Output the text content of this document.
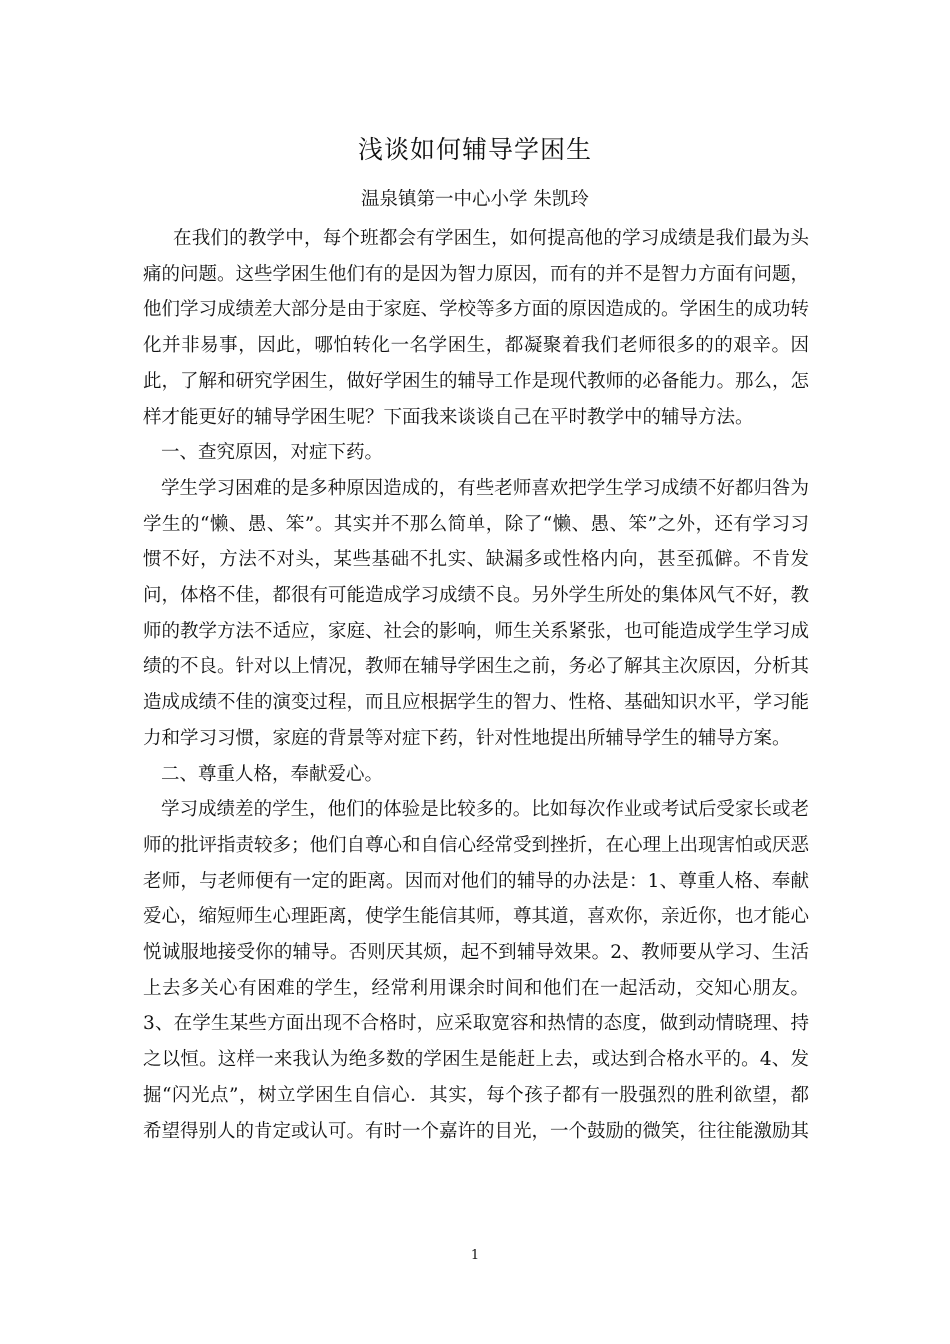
浅谈如何辅导学困生
温泉镇第一中心小学 朱凯玲

在我们的教学中，每个班都会有学困生，如何提高他的学习成绩是我们最为头痛的问题。这些学困生他们有的是因为智力原因，而有的并不是智力方面有问题，他们学习成绩差大部分是由于家庭、学校等多方面的原因造成的。学困生的成功转化并非易事，因此，哪怕转化一名学困生，都凝聚着我们老师很多的的艰辛。因此，了解和研究学困生，做好学困生的辅导工作是现代教师的必备能力。那么，怎样才能更好的辅导学困生呢？下面我来谈谈自己在平时教学中的辅导方法。

一、查究原因，对症下药。

学生学习困难的是多种原因造成的，有些老师喜欢把学生学习成绩不好都归咎为学生的“懒、愚、笨”。其实并不那么简单，除了“懒、愚、笨”之外，还有学习习惯不好，方法不对头，某些基础不扎实、缺漏多或性格内向，甚至孤僻。不肯发问，体格不佳，都很有可能造成学习成绩不良。另外学生所处的集体风气不好，教师的教学方法不适应，家庭、社会的影响，师生关系紧张，也可能造成学生学习成绩的不良。针对以上情况，教师在辅导学困生之前，务必了解其主次原因，分析其造成成绩不佳的演变过程，而且应根据学生的智力、性格、基础知识水平，学习能力和学习习惯，家庭的背景等对症下药，针对性地提出所辅导学生的辅导方案。

二、尊重人格，奉献爱心。

学习成绩差的学生，他们的体验是比较多的。比如每次作业或考试后受家长或老师的批评指责较多；他们自尊心和自信心经常受到挫折，在心理上出现害怕或厌恶老师，与老师便有一定的距离。因而对他们的辅导的办法是：1、尊重人格、奉献爱心，缩短师生心理距离，使学生能信其师，尊其道，喜欢你，亲近你，也才能心悦诚服地接受你的辅导。否则厌其烦，起不到辅导效果。2、教师要从学习、生活上去多关心有困难的学生，经常利用课余时间和他们在一起活动，交知心朋友。3、在学生某些方面出现不合格时，应采取宽容和热情的态度，做到动情晓理、持之以恒。这样一来我认为绝多数的学困生是能赶上去，或达到合格水平的。4、发掘“闪光点”，树立学困生自信心．其实，每个孩子都有一股强烈的胜利欲望，都希望得别人的肯定或认可。有时一个嘉许的目光，一个鼓励的微笑，往往能激励其

1
